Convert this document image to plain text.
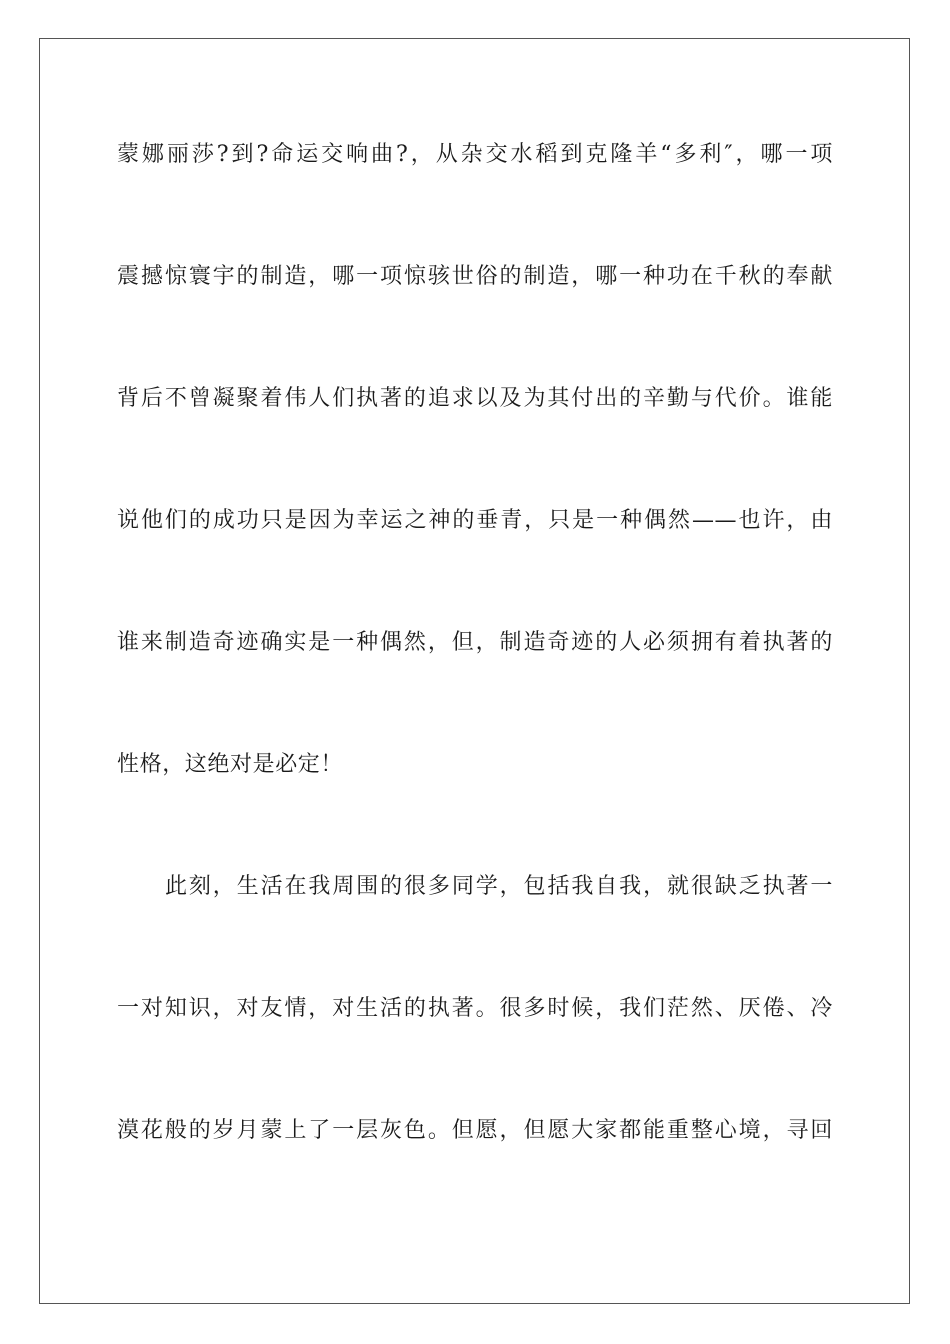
蒙娜丽莎?到?命运交响曲?，从杂交水稻到克隆羊“多利″，哪一项
震撼惊寰宇的制造，哪一项惊骇世俗的制造，哪一种功在千秋的奉献
背后不曾凝聚着伟人们执著的追求以及为其付出的辛勤与代价。谁能
说他们的成功只是因为幸运之神的垂青，只是一种偶然——也许，由
谁来制造奇迹确实是一种偶然，但，制造奇迹的人必须拥有着执著的
性格，这绝对是必定！
此刻，生活在我周围的很多同学，包括我自我，就很缺乏执著一
一对知识，对友情，对生活的执著。很多时候，我们茫然、厌倦、冷
漠花般的岁月蒙上了一层灰色。但愿，但愿大家都能重整心境，寻回
